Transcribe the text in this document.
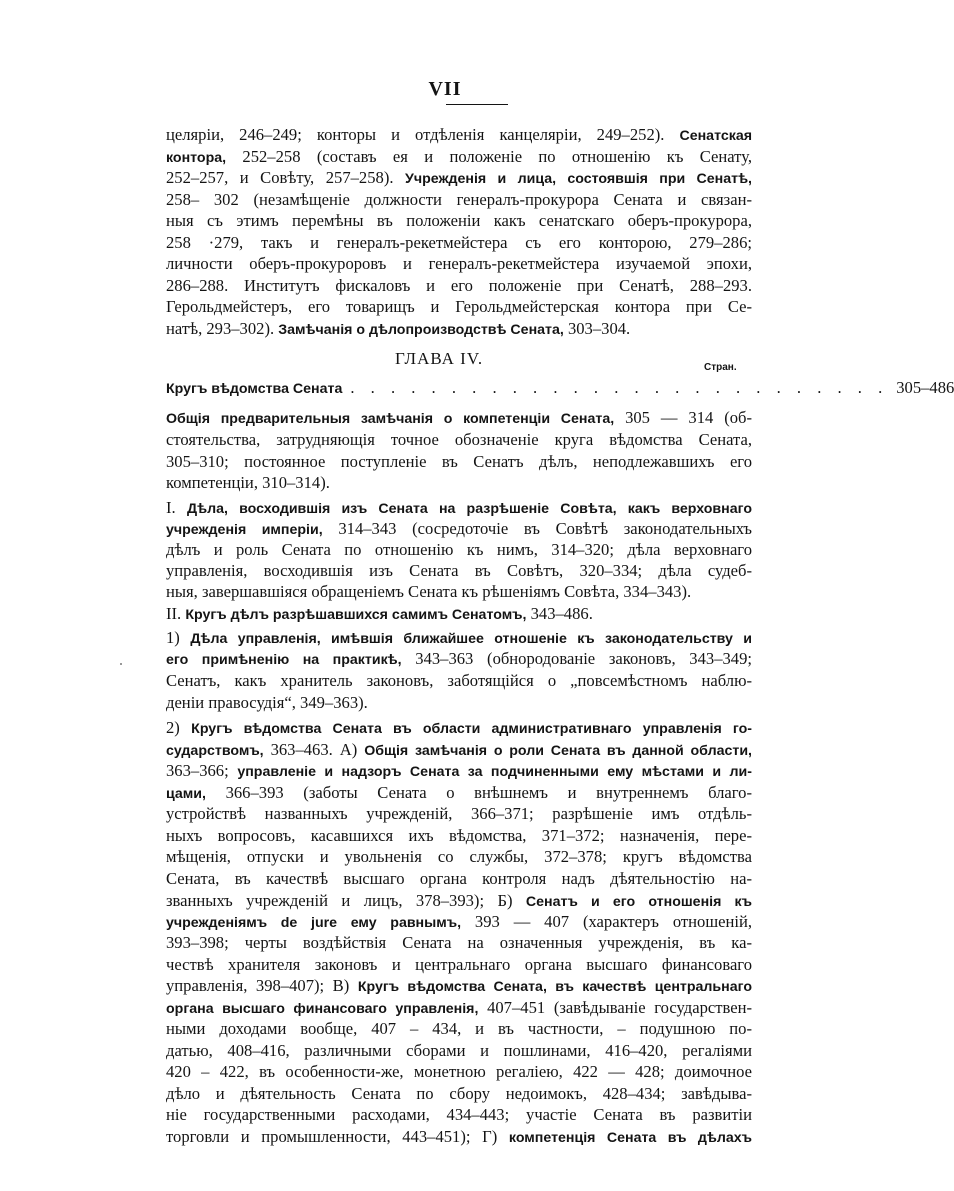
VII
целяріи, 246–249; конторы и отдѣленія канцеляріи, 249–252). Сенатская
контора, 252–258 (составъ ея и положеніе по отношенію къ Сенату,
252–257, и Совѣту, 257–258). Учрежденія и лица, состоявшія при Сенатѣ,
258– 302 (незамѣщеніе должности генералъ-прокурора Сената и связан-
ныя съ этимъ перемѣны въ положеніи какъ сенатскаго оберъ-прокурора,
258 ·279, такъ и генералъ-рекетмейстера съ его конторою, 279–286;
личности оберъ-прокуроровъ и генералъ-рекетмейстера изучаемой эпохи,
286–288. Институтъ фискаловъ и его положеніе при Сенатѣ, 288–293.
Герольдмейстеръ, его товарищъ и Герольдмейстерская контора при Се-
натѣ, 293–302). Замѣчанія о дѣлопроизводствѣ Сената, 303–304.
ГЛАВА IV.	Стран.
Кругъ вѣдомства Сената . . . . . . . . . . . . . . . . . . . . . . . . . . . 305–486
Общія предварительныя замѣчанія о компетенціи Сената, 305 — 314 (об-
стоятельства, затрудняющія точное обозначеніе круга вѣдомства Сената,
305–310; постоянное поступленіе въ Сенатъ дѣлъ, неподлежавшихъ его
компетенціи, 310–314).
I. Дѣла, восходившія изъ Сената на разрѣшеніе Совѣта, какъ верховнаго
учрежденія имперіи, 314–343 (сосредоточіе въ Совѣтѣ законодательныхъ
дѣлъ и роль Сената по отношенію къ нимъ, 314–320; дѣла верховнаго
управленія, восходившія изъ Сената въ Совѣтъ, 320–334; дѣла судеб-
ныя, завершавшіяся обращеніемъ Сената къ рѣшеніямъ Совѣта, 334–343).
II. Кругъ дѣлъ разрѣшавшихся самимъ Сенатомъ, 343–486.
1) Дѣла управленія, имѣвшія ближайшее отношеніе къ законодательству и
его примѣненію на практикѣ, 343–363 (обнородованіе законовъ, 343–349;
Сенатъ, какъ хранитель законовъ, заботящійся о „повсемѣстномъ наблю-
деніи правосудія“, 349–363).
2) Кругъ вѣдомства Сената въ области административнаго управленія го-
сударствомъ, 363–463. А) Общія замѣчанія о роли Сената въ данной области,
363–366; управленіе и надзоръ Сената за подчиненными ему мѣстами и ли-
цами, 366–393 (заботы Сената о внѣшнемъ и внутреннемъ благо-
устройствѣ названныхъ учрежденій, 366–371; разрѣшеніе имъ отдѣль-
ныхъ вопросовъ, касавшихся ихъ вѣдомства, 371–372; назначенія, пере-
мѣщенія, отпуски и увольненія со службы, 372–378; кругъ вѣдомства
Сената, въ качествѣ высшаго органа контроля надъ дѣятельностію на-
званныхъ учрежденій и лицъ, 378–393); Б) Сенатъ и его отношенія къ
учрежденіямъ de jure ему равнымъ, 393 — 407 (характеръ отношеній,
393–398; черты воздѣйствія Сената на означенныя учрежденія, въ ка-
чествѣ хранителя законовъ и центральнаго органа высшаго финансоваго
управленія, 398–407); В) Кругъ вѣдомства Сената, въ качествѣ центральнаго
органа высшаго финансоваго управленія, 407–451 (завѣдываніе государствен-
ными доходами вообще, 407 – 434, и въ частности, – подушною по-
датью, 408–416, различными сборами и пошлинами, 416–420, регаліями
420 – 422, въ особенности-же, монетною регаліею, 422 — 428; доимочное
дѣло и дѣятельность Сената по сбору недоимокъ, 428–434; завѣдыва-
ніе государственными расходами, 434–443; участіе Сената въ развитіи
торговли и промышленности, 443–451); Г) компетенція Сената въ дѣлахъ
